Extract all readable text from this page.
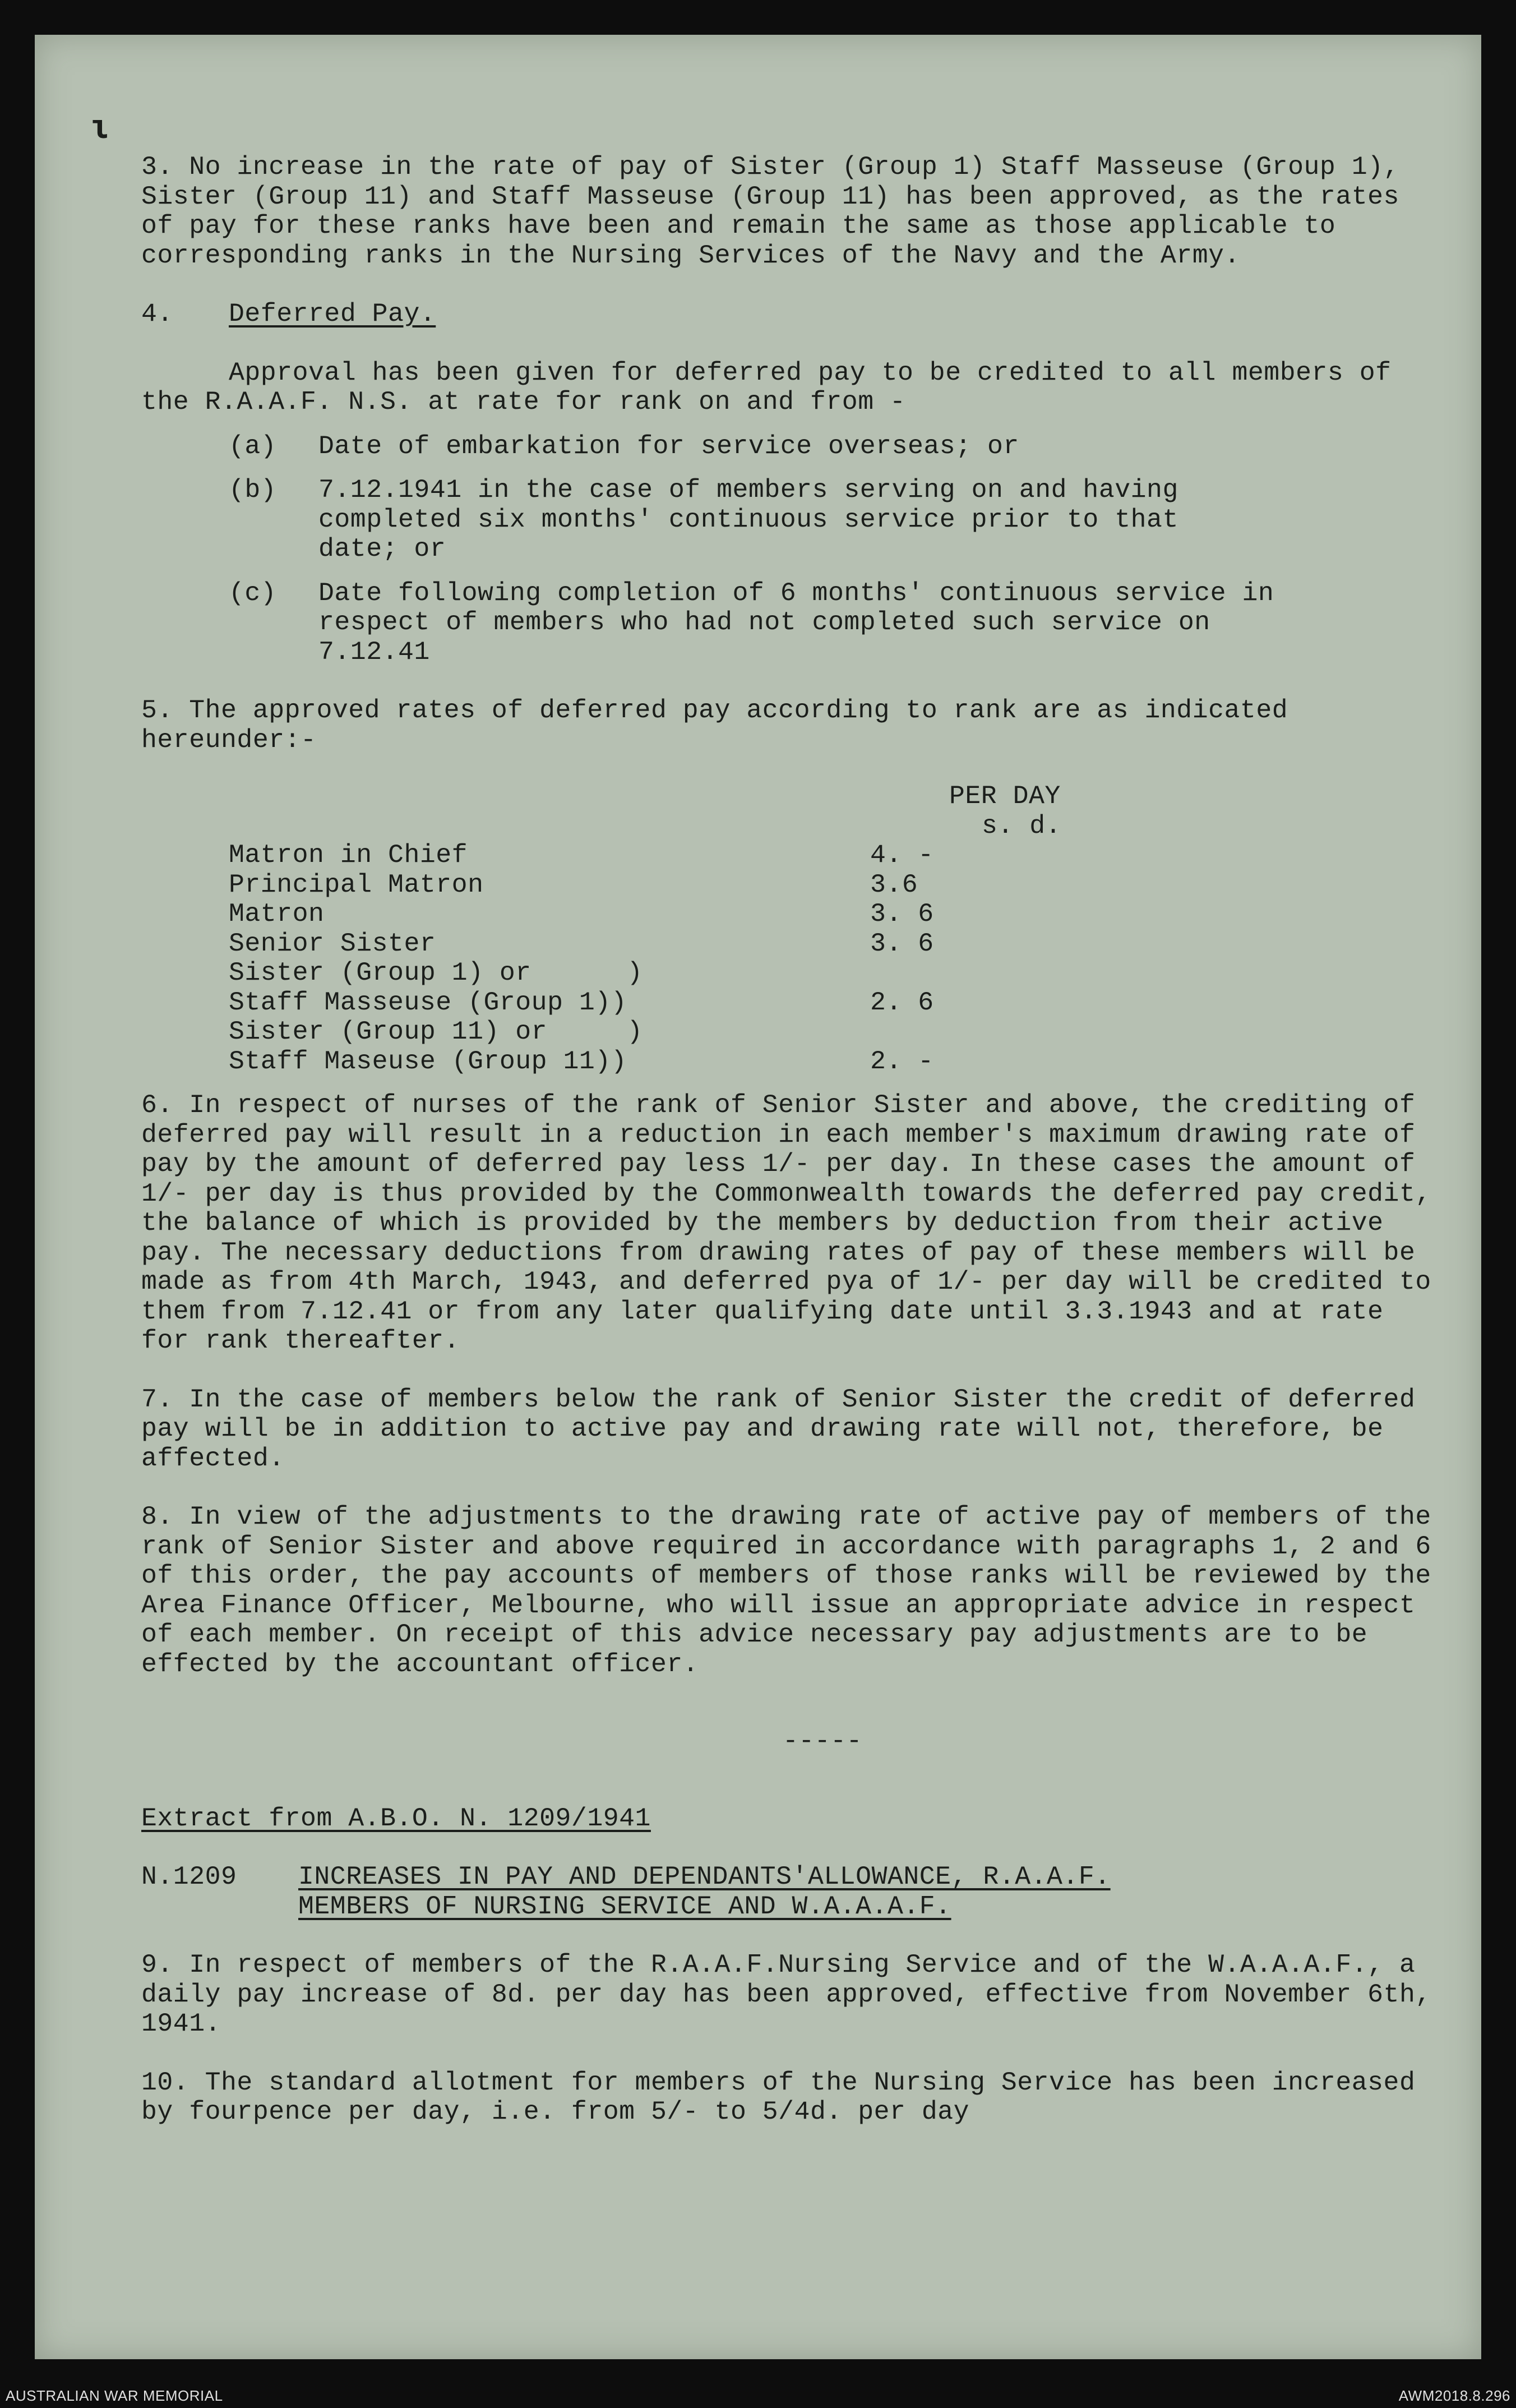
ɩ

3. No increase in the rate of pay of Sister (Group 1) Staff Masseuse (Group 1), Sister (Group 11) and Staff Masseuse (Group 11) has been approved, as the rates of pay for these ranks have been and remain the same as those applicable to corresponding ranks in the Nursing Services of the Navy and the Army.

4. Deferred Pay.

Approval has been given for deferred pay to be credited to all members of the R.A.A.F. N.S. at rate for rank on and from -

(a)	Date of embarkation for service overseas; or
(b)	7.12.1941 in the case of members serving on and having completed six months' continuous service prior to that date; or
(c)	Date following completion of 6 months' continuous service in respect of members who had not completed such service on 7.12.41

5. The approved rates of deferred pay according to rank are as indicated hereunder:-

PER DAY
s. d.
Matron in Chief	4. -
Principal Matron	3.6
Matron	3. 6
Senior Sister	3. 6
Sister (Group 1) or      )
Staff Masseuse (Group 1))	2. 6
Sister (Group 11) or     )
Staff Maseuse (Group 11))	2. -

6. In respect of nurses of the rank of Senior Sister and above, the crediting of deferred pay will result in a reduction in each member's maximum drawing rate of pay by the amount of deferred pay less 1/- per day. In these cases the amount of 1/- per day is thus provided by the Commonwealth towards the deferred pay credit, the balance of which is provided by the members by deduction from their active pay. The necessary deductions from drawing rates of pay of these members will be made as from 4th March, 1943, and deferred pya of 1/- per day will be credited to them from 7.12.41 or from any later qualifying date until 3.3.1943 and at rate for rank thereafter.

7. In the case of members below the rank of Senior Sister the credit of deferred pay will be in addition to active pay and drawing rate will not, therefore, be affected.

8. In view of the adjustments to the drawing rate of active pay of members of the rank of Senior Sister and above required in accordance with paragraphs 1, 2 and 6 of this order, the pay accounts of members of those ranks will be reviewed by the Area Finance Officer, Melbourne, who will issue an appropriate advice in respect of each member. On receipt of this advice necessary pay adjustments are to be effected by the accountant officer.

-----

Extract from A.B.O. N. 1209/1941

N.1209	INCREASES IN PAY AND DEPENDANTS'ALLOWANCE, R.A.A.F.
MEMBERS OF NURSING SERVICE AND W.A.A.A.F.

9. In respect of members of the R.A.A.F.Nursing Service and of the W.A.A.A.F., a daily pay increase of 8d. per day has been approved, effective from November 6th, 1941.

10. The standard allotment for members of the Nursing Service has been increased by fourpence per day, i.e. from 5/- to 5/4d. per day

AUSTRALIAN WAR MEMORIAL	AWM2018.8.296
